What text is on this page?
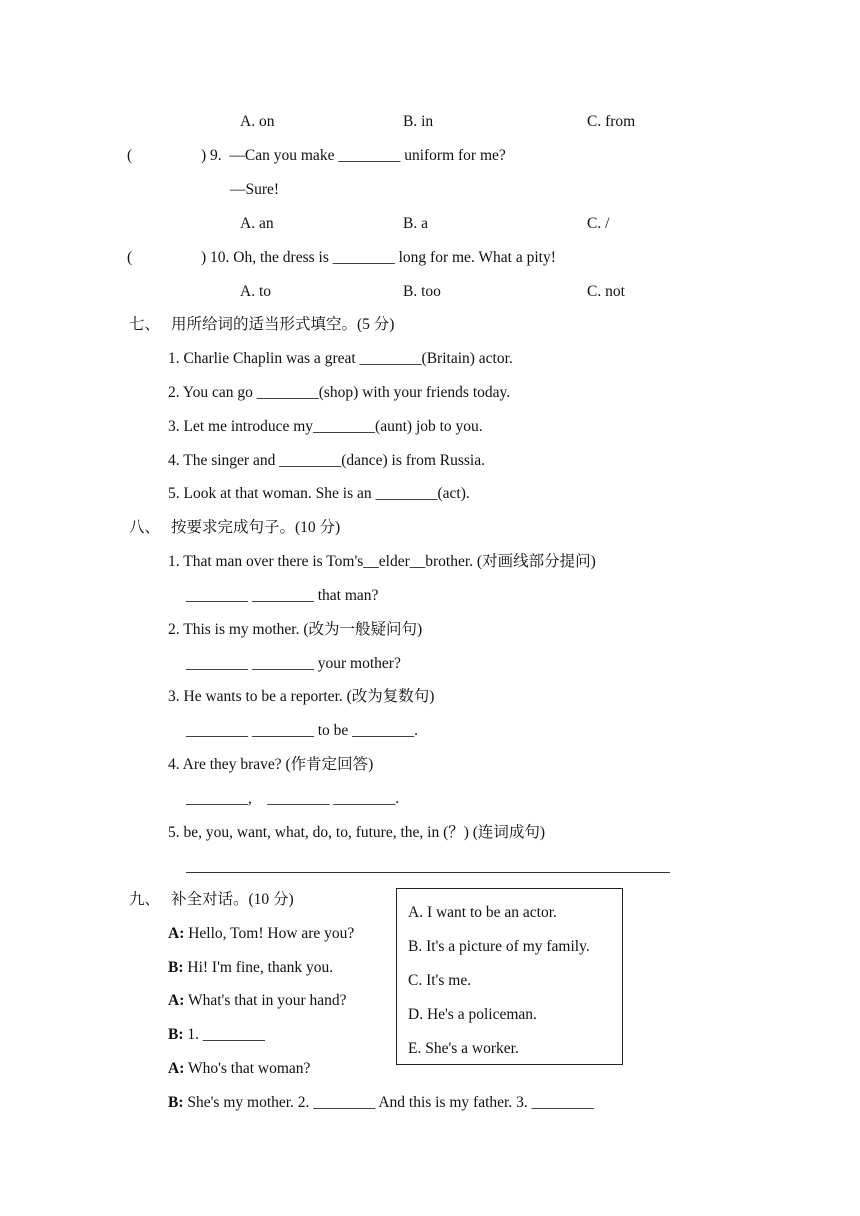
A. on	B. in	C. from
(	) 9.  —Can you make ________ uniform for me?
—Sure!
A. an	B. a	C. /
(	) 10. Oh, the dress is ________ long for me. What a pity!
A. to	B. too	C. not
七、 用所给词的适当形式填空。(5 分)
1. Charlie Chaplin was a great ________(Britain) actor.
2. You can go ________(shop) with your friends today.
3. Let me introduce my________(aunt) job to you.
4. The singer and ________(dance) is from Russia.
5. Look at that woman. She is an ________(act).
八、 按要求完成句子。(10 分)
1. That man over there is Tom's__elder__brother. (对画线部分提问)
________ ________ that man?
2. This is my mother. (改为一般疑问句)
________ ________ your mother?
3. He wants to be a reporter. (改为复数句)
________ ________ to be ________.
4. Are they brave? (作肯定回答)
________,    ________ ________.
5. be, you, want, what, do, to, future, the, in (？) (连词成句)
九、 补全对话。(10 分)
A: Hello, Tom! How are you?
B: Hi! I'm fine, thank you.
A: What's that in your hand?
B: 1. ________
A: Who's that woman?
B: She's my mother. 2. ________ And this is my father. 3. ________
A. I want to be an actor.
B. It's a picture of my family.
C. It's me.
D. He's a policeman.
E. She's a worker.
